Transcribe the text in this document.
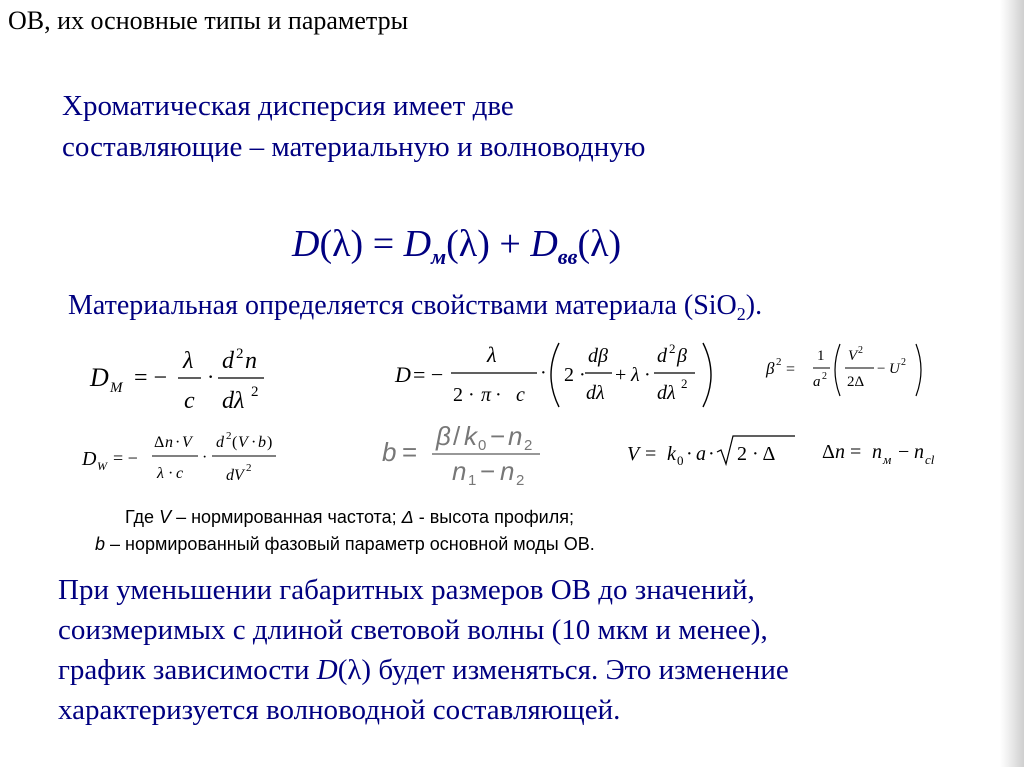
ОВ, их основные типы и параметры
Хроматическая дисперсия имеет две
составляющие – материальную и волноводную
$D(\lambda) = D_м(\lambda) + D_{вв}(\lambda)$
Материальная определяется свойствами материала (SiO$_2$).
D M = −
λ
c
·
d 2 n
dλ 2
D = −
λ
2 · π · c
· 2 ·
dβ
dλ
+ λ ·
d 2 β
dλ 2
β 2 =
1
a 2
V 2
2Δ
− U 2
D W = −
Δ n · V
λ · c
·
d 2 ( V · b )
dV 2
b =
β / k 0 − n 2
n 1 − n 2
V = k 0 · a · 2 · Δ Δ n = n м − n cl
Где V – нормированная частота; Δ - высота профиля;
b – нормированный фазовый параметр основной моды ОВ.
При уменьшении габаритных размеров ОВ до значений,
соизмеримых с длиной световой волны (10 мкм и менее),
график зависимости D(λ) будет изменяться. Это изменение
характеризуется волноводной составляющей.
